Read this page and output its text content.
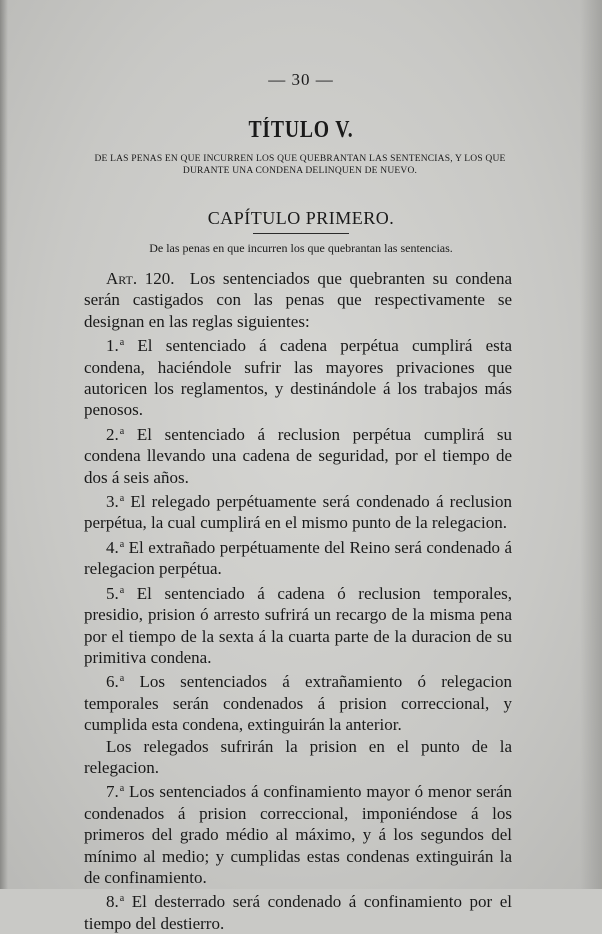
— 30 —
TÍTULO V.
DE LAS PENAS EN QUE INCURREN LOS QUE QUEBRANTAN LAS SENTENCIAS, Y LOS QUE DURANTE UNA CONDENA DELINQUEN DE NUEVO.
CAPÍTULO PRIMERO.
De las penas en que incurren los que quebrantan las sentencias.

Art. 120. Los sentenciados que quebranten su condena serán castigados con las penas que respectivamente se designan en las reglas siguientes:

1.$^a$ El sentenciado á cadena perpétua cumplirá esta condena, haciéndole sufrir las mayores privaciones que autoricen los reglamentos, y destinándole á los trabajos más penosos.

2.$^a$ El sentenciado á reclusion perpétua cumplirá su condena llevando una cadena de seguridad, por el tiempo de dos á seis años.

3.$^a$ El relegado perpétuamente será condenado á reclusion perpétua, la cual cumplirá en el mismo punto de la relegacion.

4.$^a$ El extrañado perpétuamente del Reino será condenado á relegacion perpétua.

5.$^a$ El sentenciado á cadena ó reclusion temporales, presidio, prision ó arresto sufrirá un recargo de la misma pena por el tiempo de la sexta á la cuarta parte de la duracion de su primitiva condena.

6.$^a$ Los sentenciados á extrañamiento ó relegacion temporales serán condenados á prision correccional, y cumplida esta condena, extinguirán la anterior.

Los relegados sufrirán la prision en el punto de la relegacion.

7.$^a$ Los sentenciados á confinamiento mayor ó menor serán condenados á prision correccional, imponiéndose á los primeros del grado médio al máximo, y á los segundos del mínimo al medio; y cumplidas estas condenas extinguirán la de confinamiento.

8.$^a$ El desterrado será condenado á confinamiento por el tiempo del destierro.
